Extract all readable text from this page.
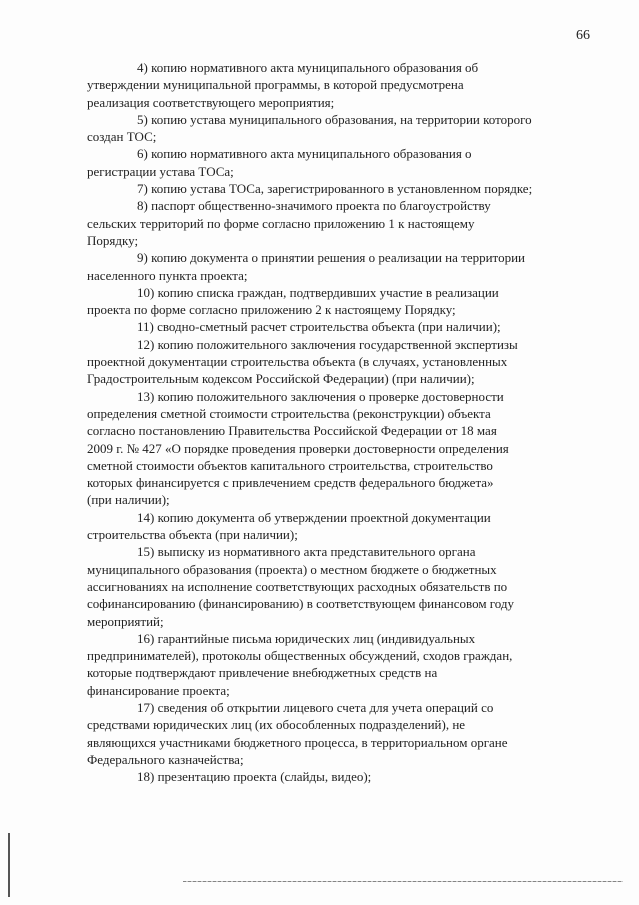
66

4) копию нормативного акта муниципального образования об
утверждении муниципальной программы, в которой предусмотрена
реализация соответствующего мероприятия;

5) копию устава муниципального образования, на территории которого
создан ТОС;

6) копию нормативного акта муниципального образования о
регистрации устава ТОСа;

7) копию устава ТОСа, зарегистрированного в установленном порядке;

8) паспорт общественно-значимого проекта по благоустройству
сельских территорий по форме согласно приложению 1 к настоящему
Порядку;

9) копию документа о принятии решения о реализации на территории
населенного пункта проекта;

10) копию списка граждан, подтвердивших участие в реализации
проекта по форме согласно приложению 2 к настоящему Порядку;

11) сводно-сметный расчет строительства объекта (при наличии);

12) копию положительного заключения государственной экспертизы
проектной документации строительства объекта (в случаях, установленных
Градостроительным кодексом Российской Федерации) (при наличии);

13) копию положительного заключения о проверке достоверности
определения сметной стоимости строительства (реконструкции) объекта
согласно постановлению Правительства Российской Федерации от 18 мая
2009 г. № 427 «О порядке проведения проверки достоверности определения
сметной стоимости объектов капитального строительства, строительство
которых финансируется с привлечением средств федерального бюджета»
(при наличии);

14) копию документа об утверждении проектной документации
строительства объекта (при наличии);

15) выписку из нормативного акта представительного органа
муниципального образования (проекта) о местном бюджете о бюджетных
ассигнованиях на исполнение соответствующих расходных обязательств по
софинансированию (финансированию) в соответствующем финансовом году
мероприятий;

16) гарантийные письма юридических лиц (индивидуальных
предпринимателей), протоколы общественных обсуждений, сходов граждан,
которые подтверждают привлечение внебюджетных средств на
финансирование проекта;

17) сведения об открытии лицевого счета для учета операций со
средствами юридических лиц (их обособленных подразделений), не
являющихся участниками бюджетного процесса, в территориальном органе
Федерального казначейства;

18) презентацию проекта (слайды, видео);
